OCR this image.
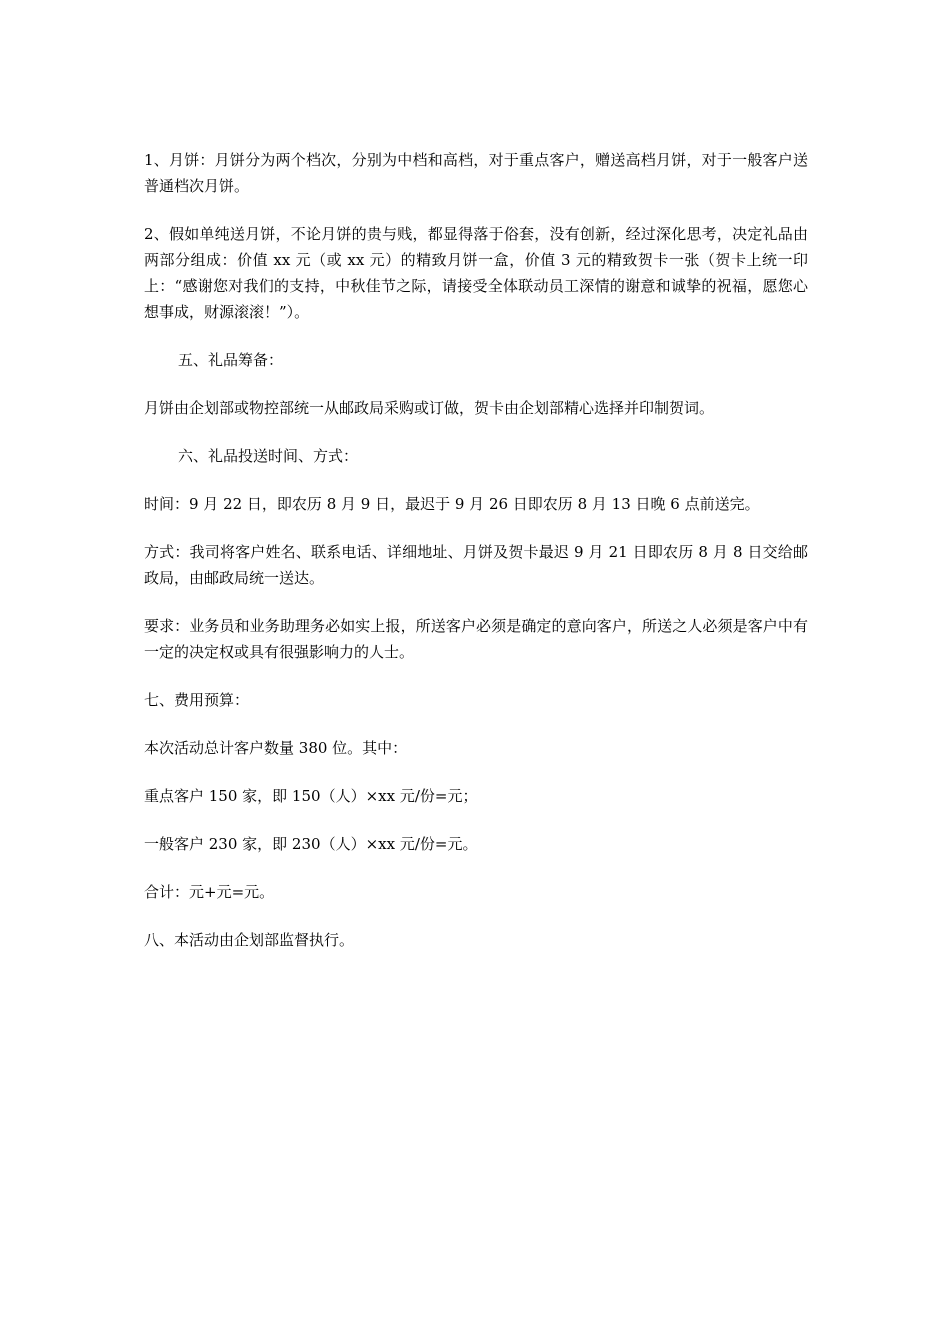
1、月饼：月饼分为两个档次，分别为中档和高档，对于重点客户，赠送高档月饼，对于一般客户送普通档次月饼。

2、假如单纯送月饼，不论月饼的贵与贱，都显得落于俗套，没有创新，经过深化思考，决定礼品由两部分组成：价值 xx 元（或 xx 元）的精致月饼一盒，价值 3 元的精致贺卡一张（贺卡上统一印上：“感谢您对我们的支持，中秋佳节之际，请接受全体联动员工深情的谢意和诚挚的祝福，愿您心想事成，财源滚滚！”）。

五、礼品筹备：

月饼由企划部或物控部统一从邮政局采购或订做，贺卡由企划部精心选择并印制贺词。

六、礼品投送时间、方式：

时间：9 月 22 日，即农历 8 月 9 日，最迟于 9 月 26 日即农历 8 月 13 日晚 6 点前送完。

方式：我司将客户姓名、联系电话、详细地址、月饼及贺卡最迟 9 月 21 日即农历 8 月 8 日交给邮政局，由邮政局统一送达。

要求：业务员和业务助理务必如实上报，所送客户必须是确定的意向客户，所送之人必须是客户中有一定的决定权或具有很强影响力的人士。

七、费用预算：

本次活动总计客户数量 380 位。其中：

重点客户 150 家，即 150（人）×xx 元/份=元；

一般客户 230 家，即 230（人）×xx 元/份=元。

合计：元+元=元。

八、本活动由企划部监督执行。
